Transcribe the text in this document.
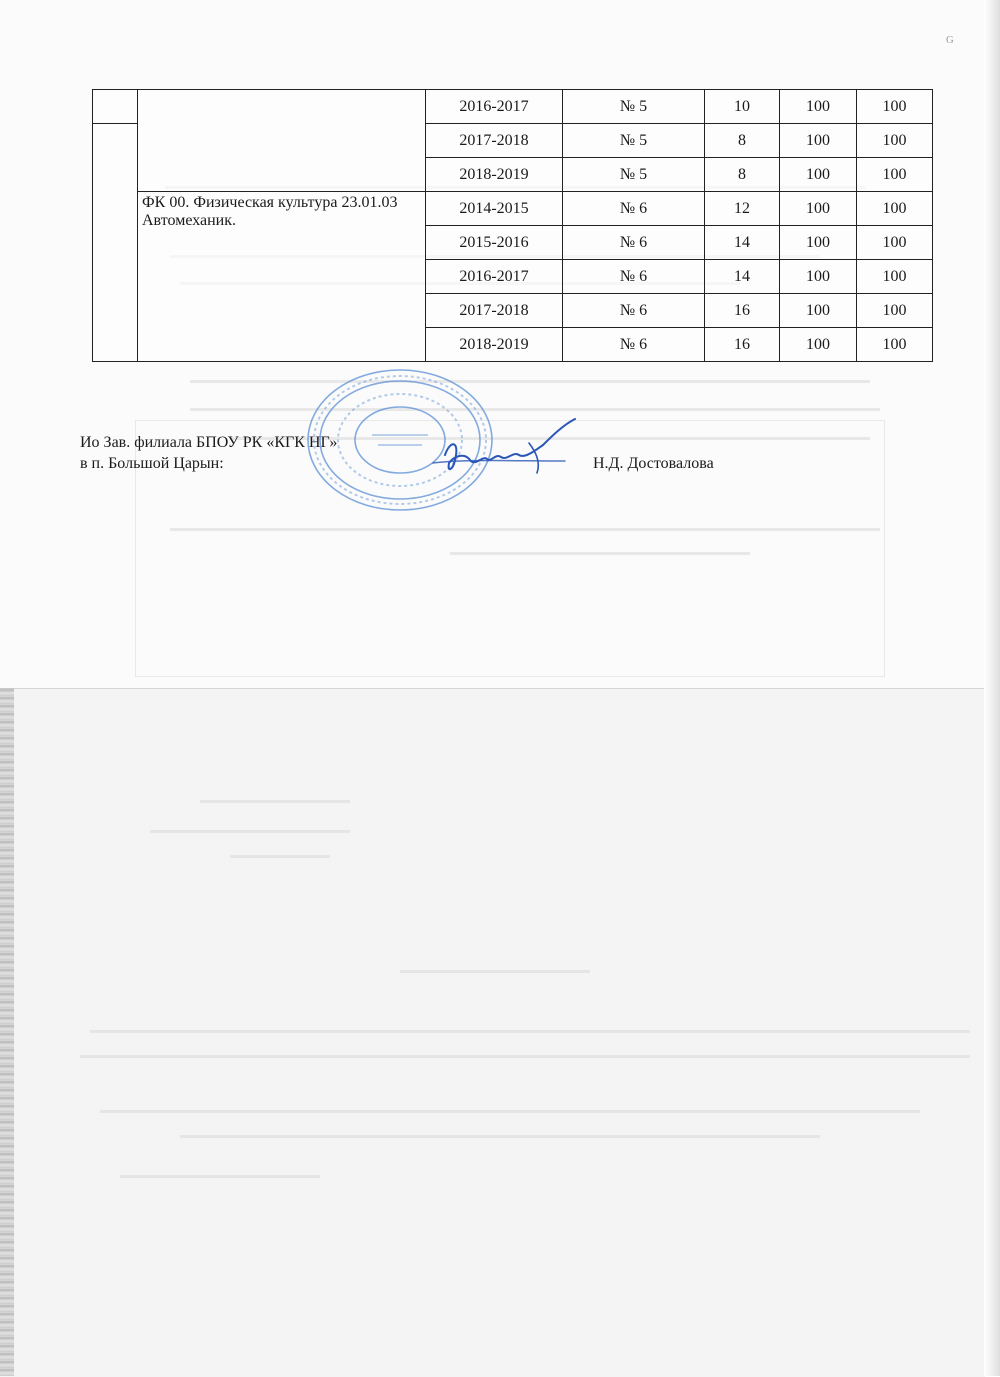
ᴳ
		2016-2017	№ 5	10	100	100
		2017-2018	№ 5	8	100	100
		2018-2019	№ 5	8	100	100
	ФК 00. Физическая культура 23.01.03 Автомеханик.	2014-2015	№ 6	12	100	100
		2015-2016	№ 6	14	100	100
		2016-2017	№ 6	14	100	100
		2017-2018	№ 6	16	100	100
		2018-2019	№ 6	16	100	100
Ио Зав. филиала БПОУ РК «КГК НГ»
в п. Большой Царын:	Н.Д. Достовалова
